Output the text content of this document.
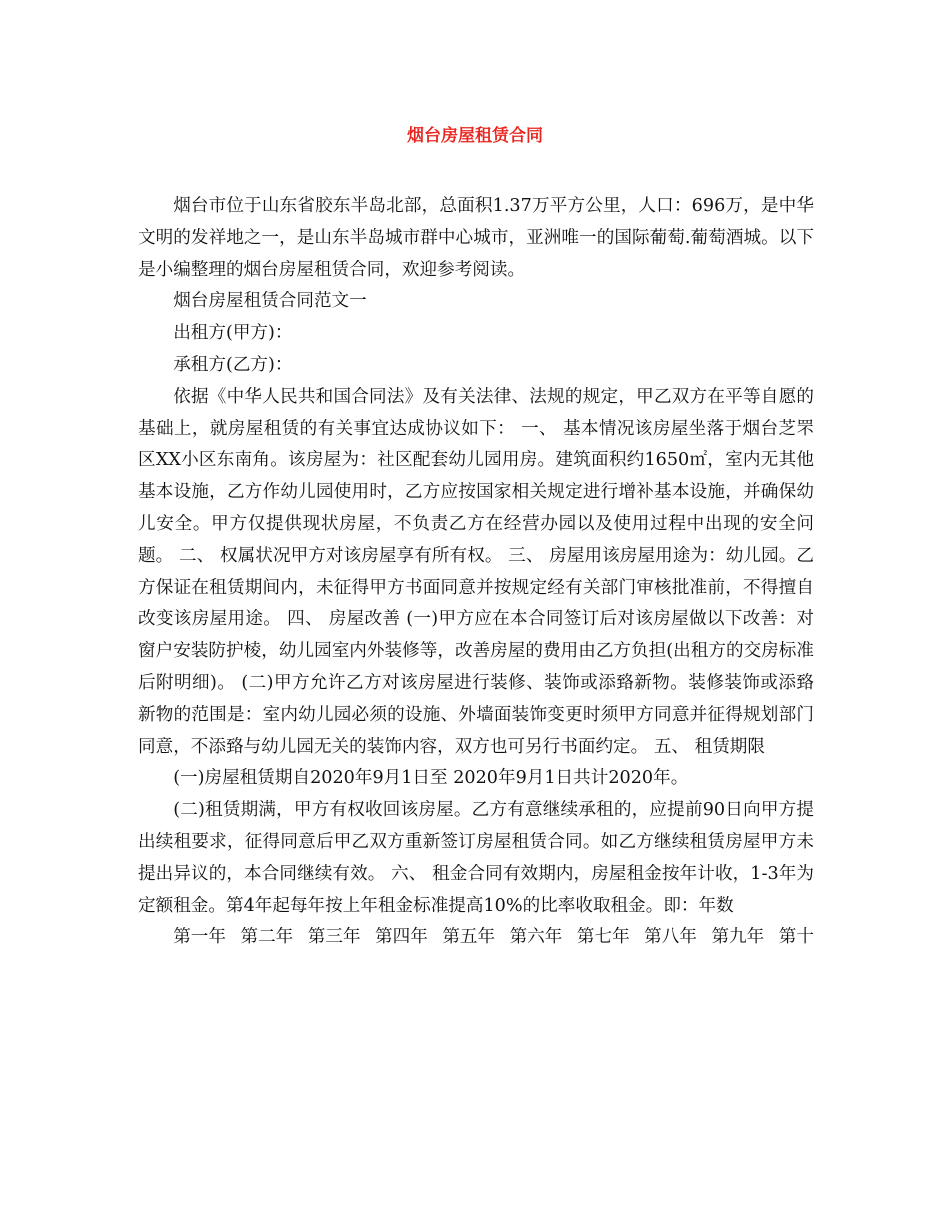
烟台房屋租赁合同

烟台市位于山东省胶东半岛北部，总面积1.37万平方公里，人口：696万，是中华文明的发祥地之一，是山东半岛城市群中心城市，亚洲唯一的国际葡萄.葡萄酒城。以下是小编整理的烟台房屋租赁合同，欢迎参考阅读。

烟台房屋租赁合同范文一

出租方(甲方)：

承租方(乙方)：

依据《中华人民共和国合同法》及有关法律、法规的规定，甲乙双方在平等自愿的基础上，就房屋租赁的有关事宜达成协议如下： 一、 基本情况该房屋坐落于烟台芝罘区XX小区东南角。该房屋为：社区配套幼儿园用房。建筑面积约1650㎡，室内无其他基本设施，乙方作幼儿园使用时，乙方应按国家相关规定进行增补基本设施，并确保幼儿安全。甲方仅提供现状房屋，不负责乙方在经营办园以及使用过程中出现的安全问题。 二、 权属状况甲方对该房屋享有所有权。 三、 房屋用该房屋用途为：幼儿园。乙方保证在租赁期间内，未征得甲方书面同意并按规定经有关部门审核批准前，不得擅自改变该房屋用途。 四、 房屋改善 (一)甲方应在本合同签订后对该房屋做以下改善：对窗户安装防护棱，幼儿园室内外装修等，改善房屋的费用由乙方负担(出租方的交房标准后附明细)。 (二)甲方允许乙方对该房屋进行装修、装饰或添臵新物。装修装饰或添臵新物的范围是：室内幼儿园必须的设施、外墙面装饰变更时须甲方同意并征得规划部门同意，不添臵与幼儿园无关的装饰内容，双方也可另行书面约定。 五、 租赁期限

(一)房屋租赁期自2020年9月1日至 2020年9月1日共计2020年。

(二)租赁期满，甲方有权收回该房屋。乙方有意继续承租的，应提前90日向甲方提出续租要求，征得同意后甲乙双方重新签订房屋租赁合同。如乙方继续租赁房屋甲方未提出异议的，本合同继续有效。 六、 租金合同有效期内，房屋租金按年计收，1-3年为定额租金。第4年起每年按上年租金标准提高10%的比率收取租金。即：年数

第一年 第二年 第三年 第四年 第五年 第六年 第七年 第八年 第九年 第十
